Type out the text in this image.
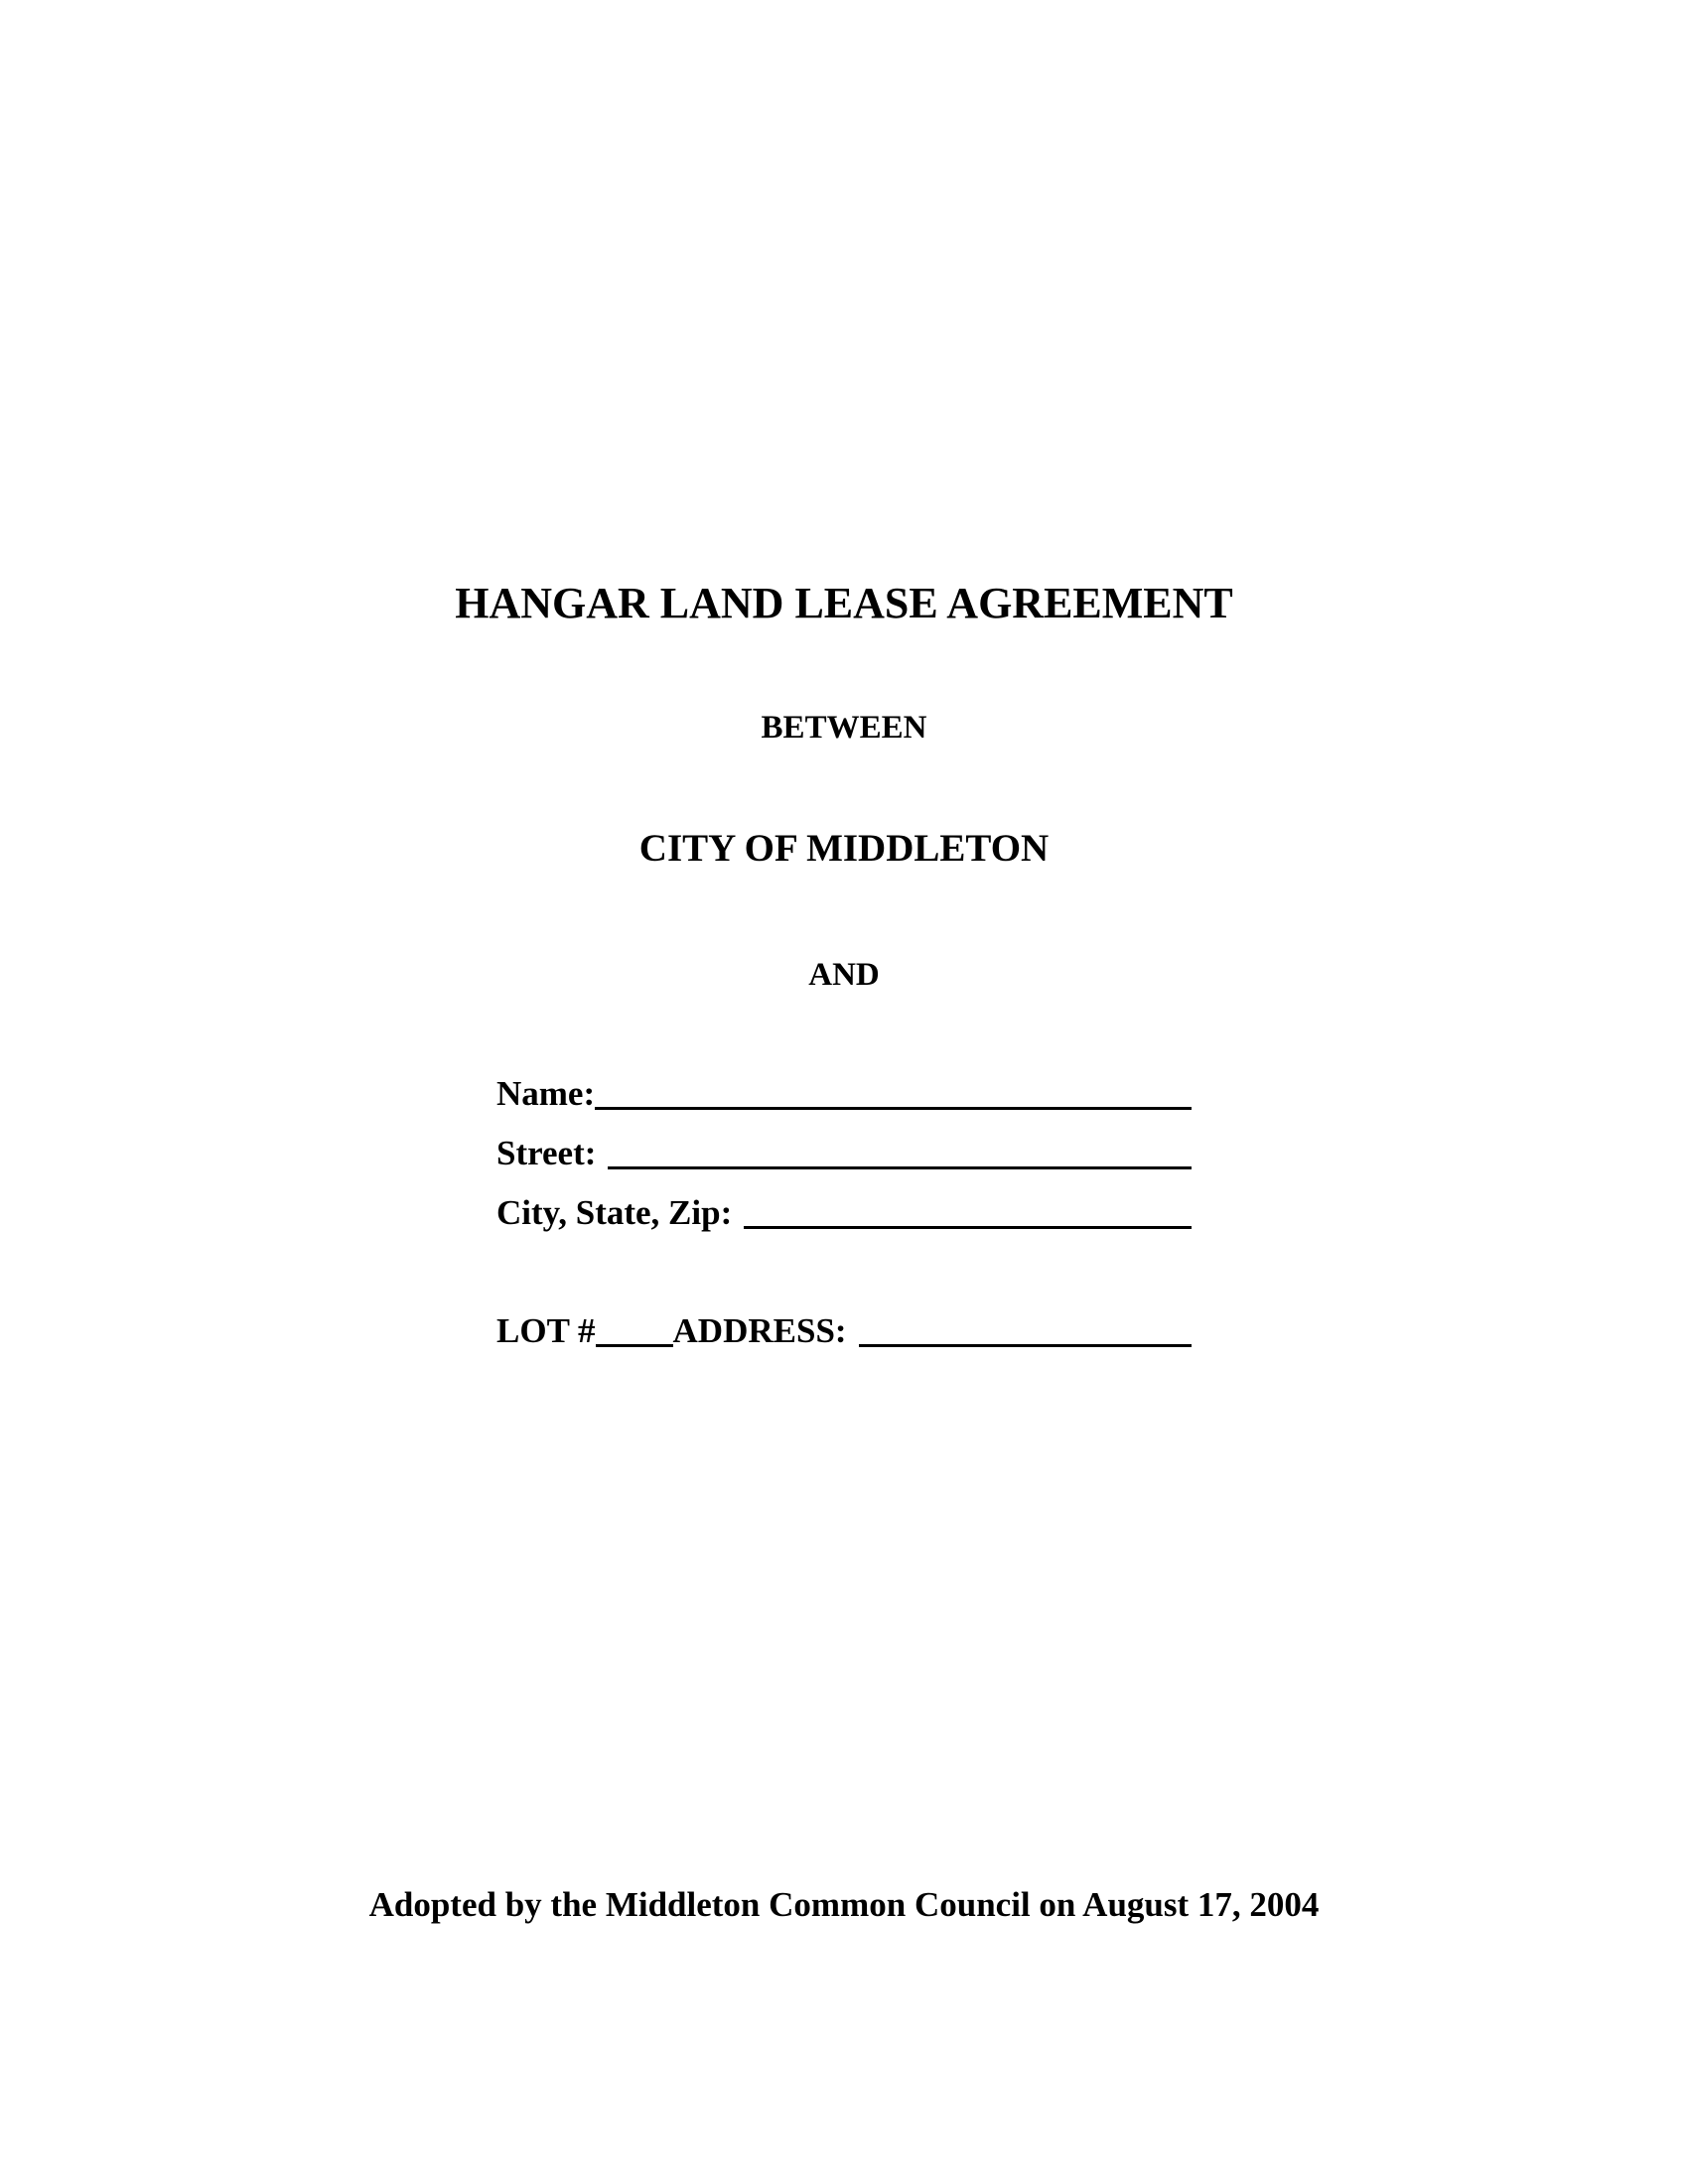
HANGAR LAND LEASE AGREEMENT
BETWEEN
CITY OF MIDDLETON
AND
Name:
Street:
City, State, Zip:
LOT # ADDRESS:
Adopted by the Middleton Common Council on August 17, 2004
